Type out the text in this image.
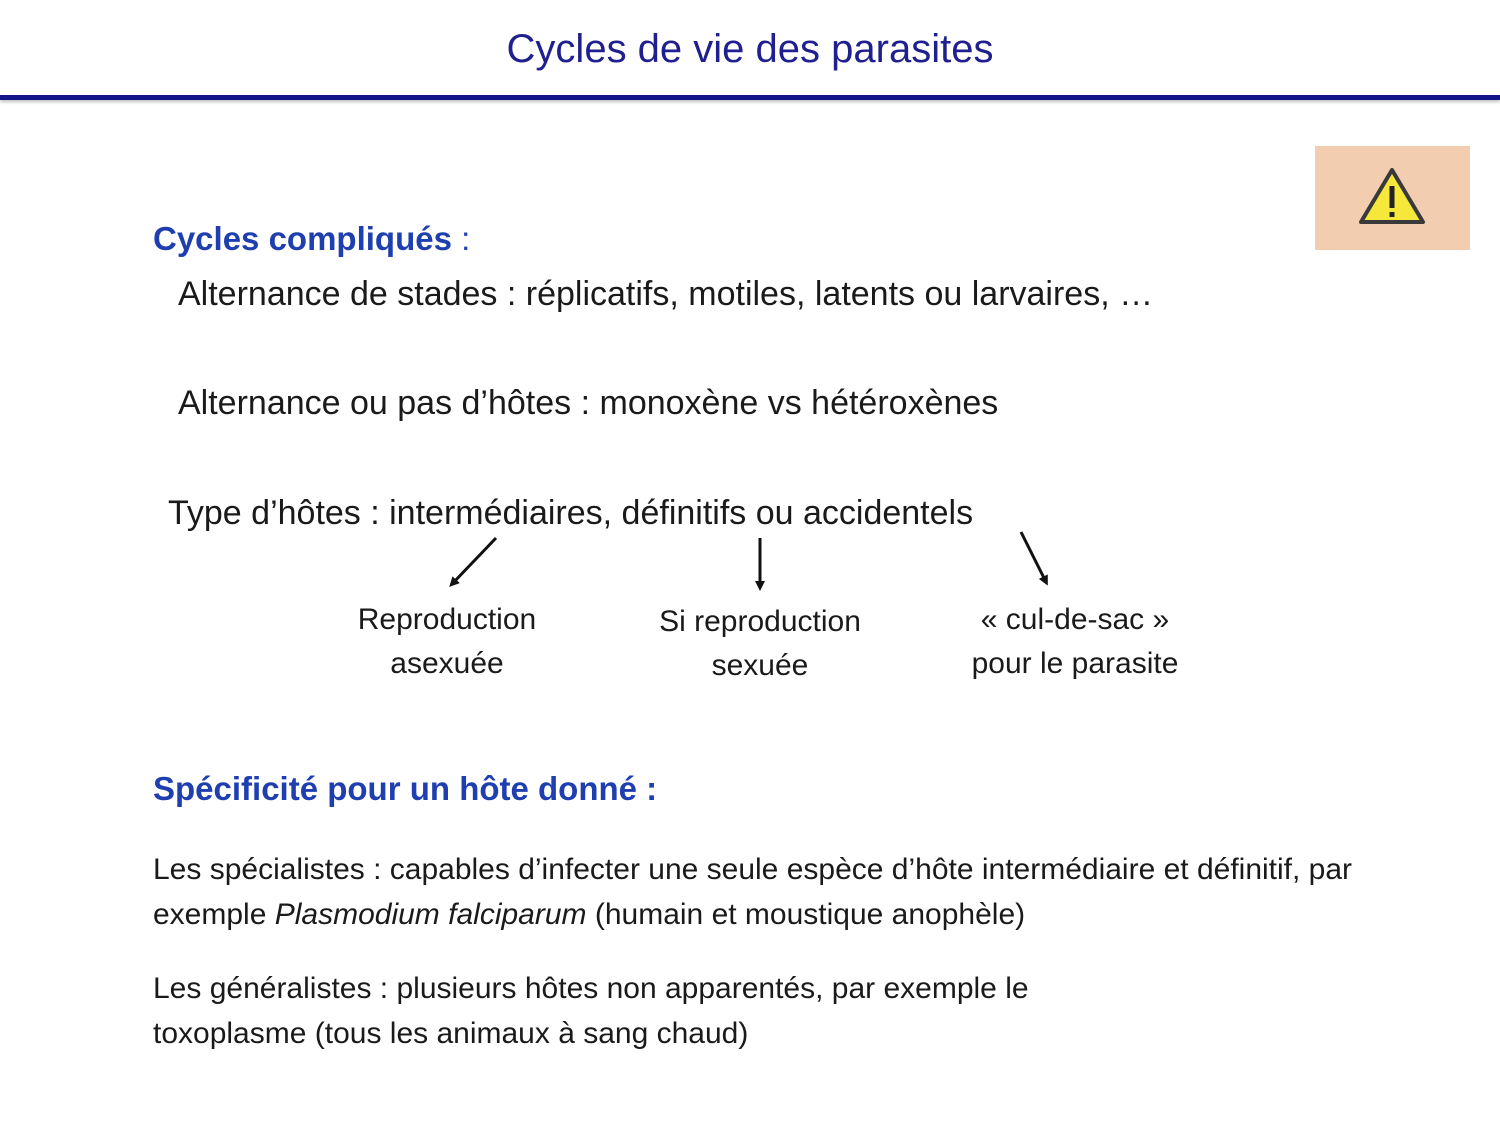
Cycles de vie des parasites
Cycles compliqués :
Alternance de stades : réplicatifs, motiles, latents ou larvaires, …
Alternance ou pas d’hôtes : monoxène vs hétéroxènes
Type d’hôtes : intermédiaires, définitifs ou accidentels
Reproduction
asexuée
Si reproduction
sexuée
« cul-de-sac »
pour le parasite
Spécificité pour un hôte donné :
Les spécialistes : capables d’infecter une seule espèce d’hôte intermédiaire et définitif, par exemple Plasmodium falciparum (humain et moustique anophèle)
Les généralistes : plusieurs hôtes non apparentés, par exemple le toxoplasme (tous les animaux à sang chaud)
